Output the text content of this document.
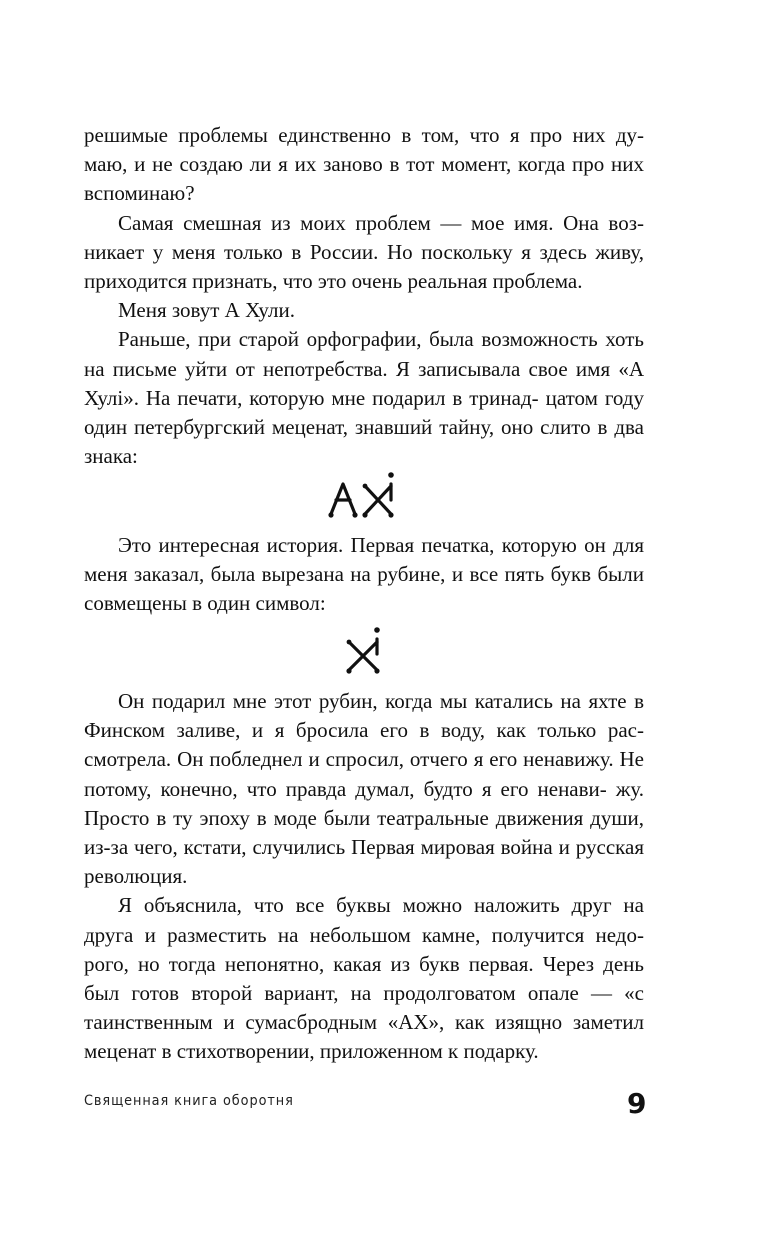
решимые проблемы единственно в том, что я про них ду- маю, и не создаю ли я их заново в тот момент, когда про них вспоминаю?

Самая смешная из моих проблем — мое имя. Она воз- никает у меня только в России. Но поскольку я здесь живу, приходится признать, что это очень реальная проблема.

Меня зовут А Хули.

Раньше, при старой орфографии, была возможность хоть на письме уйти от непотребства. Я записывала свое имя «А Хулi». На печати, которую мне подарил в тринад- цатом году один петербургский меценат, знавший тайну, оно слито в два знака:

Это интересная история. Первая печатка, которую он для меня заказал, была вырезана на рубине, и все пять букв были совмещены в один символ:

Он подарил мне этот рубин, когда мы катались на яхте в Финском заливе, и я бросила его в воду, как только рас- смотрела. Он побледнел и спросил, отчего я его ненавижу. Не потому, конечно, что правда думал, будто я его ненави- жу. Просто в ту эпоху в моде были театральные движения души, из-за чего, кстати, случились Первая мировая война и русская революция.

Я объяснила, что все буквы можно наложить друг на друга и разместить на небольшом камне, получится недо- рого, но тогда непонятно, какая из букв первая. Через день был готов второй вариант, на продолговатом опале — «с таинственным и сумасбродным «АХ», как изящно заметил меценат в стихотворении, приложенном к подарку.

Священная книга оборотня	9
